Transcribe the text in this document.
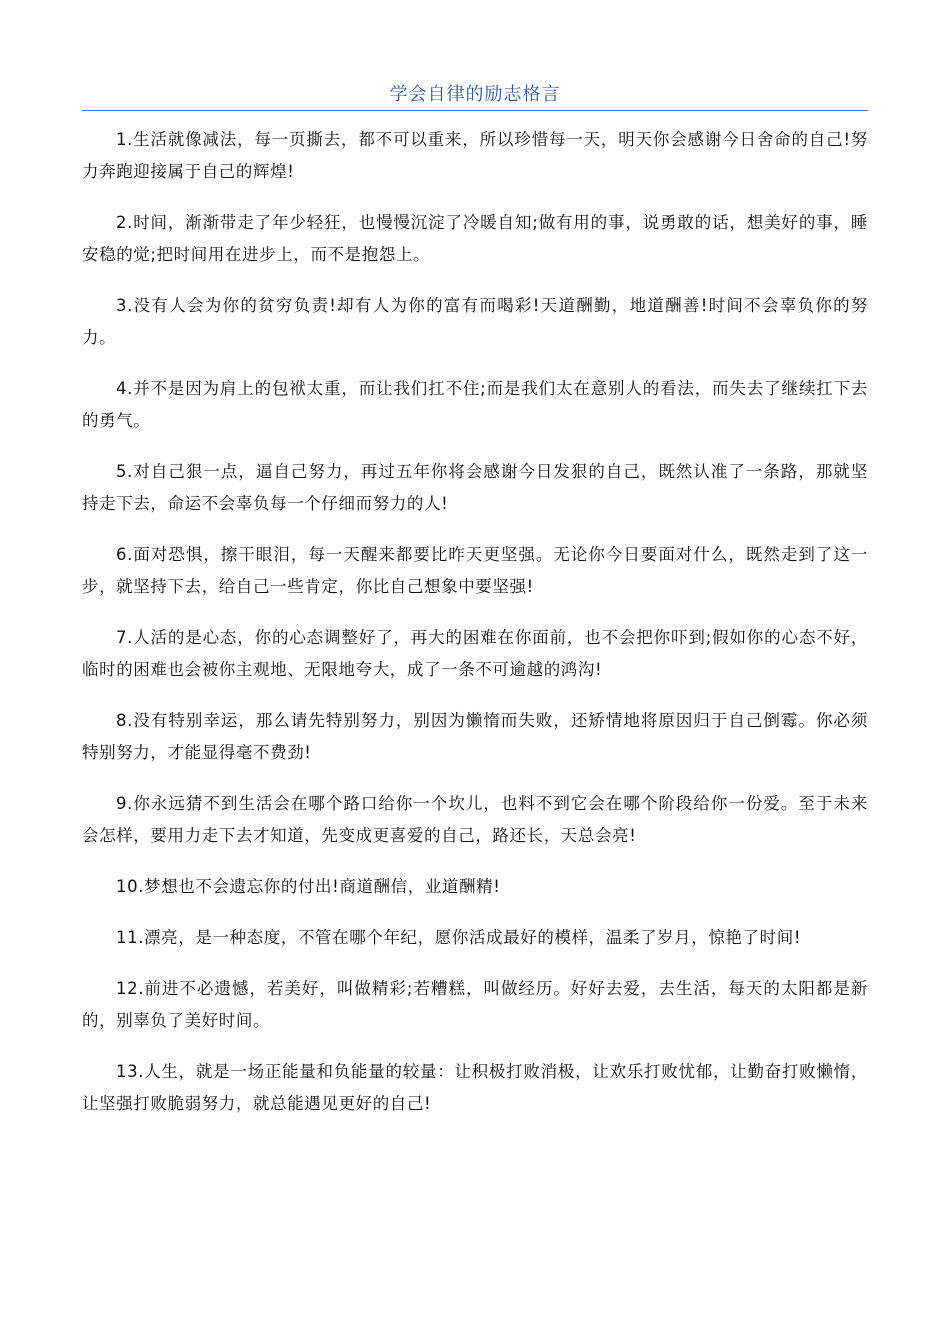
学会自律的励志格言

1.生活就像减法，每一页撕去，都不可以重来，所以珍惜每一天，明天你会感谢今日舍命的自己!努力奔跑迎接属于自己的辉煌!

2.时间，渐渐带走了年少轻狂，也慢慢沉淀了冷暖自知;做有用的事，说勇敢的话，想美好的事，睡安稳的觉;把时间用在进步上，而不是抱怨上。

3.没有人会为你的贫穷负责!却有人为你的富有而喝彩!天道酬勤，地道酬善!时间不会辜负你的努力。

4.并不是因为肩上的包袱太重，而让我们扛不住;而是我们太在意别人的看法，而失去了继续扛下去的勇气。

5.对自己狠一点，逼自己努力，再过五年你将会感谢今日发狠的自己，既然认准了一条路，那就坚持走下去，命运不会辜负每一个仔细而努力的人!

6.面对恐惧，擦干眼泪，每一天醒来都要比昨天更坚强。无论你今日要面对什么，既然走到了这一步，就坚持下去，给自己一些肯定，你比自己想象中要坚强!

7.人活的是心态，你的心态调整好了，再大的困难在你面前，也不会把你吓到;假如你的心态不好，临时的困难也会被你主观地、无限地夸大，成了一条不可逾越的鸿沟!

8.没有特别幸运，那么请先特别努力，别因为懒惰而失败，还矫情地将原因归于自己倒霉。你必须特别努力，才能显得毫不费劲!

9.你永远猜不到生活会在哪个路口给你一个坎儿，也料不到它会在哪个阶段给你一份爱。至于未来会怎样，要用力走下去才知道，先变成更喜爱的自己，路还长，天总会亮!

10.梦想也不会遗忘你的付出!商道酬信，业道酬精!

11.漂亮，是一种态度，不管在哪个年纪，愿你活成最好的模样，温柔了岁月，惊艳了时间!

12.前进不必遗憾，若美好，叫做精彩;若糟糕，叫做经历。好好去爱，去生活，每天的太阳都是新的，别辜负了美好时间。

13.人生，就是一场正能量和负能量的较量：让积极打败消极，让欢乐打败忧郁，让勤奋打败懒惰，让坚强打败脆弱努力，就总能遇见更好的自己!
